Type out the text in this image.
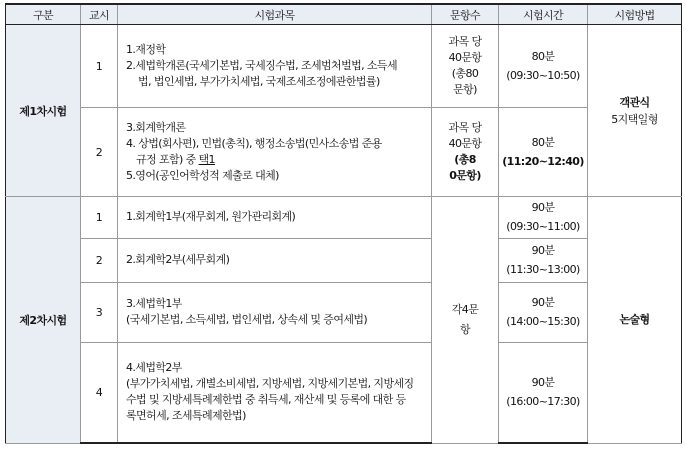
구분	교시	시험과목	문항수	시험시간	시험방법
제1차시험	1	1.재정학
2.세법학개론(국세기본법, 국세징수법, 조세범처벌법, 소득세
법, 법인세법, 부가가치세법, 국제조세조정에관한법률)	과목 당
40문항
(총80
문항)	80분
(09:30~10:50)	객관식
5지택일형

	2	3.회계학개론
4. 상법(회사편), 민법(총칙), 행정소송법(민사소송법 준용
규정 포함) 중 택1
5.영어(공인어학성적 제출로 대체)	과목 당
40문항
(총8
0문항)	80분
(11:20~12:40)	

제2차시험	1	1.회계학1부(재무회계, 원가관리회계)	각4문
항	90분
(09:30~11:00)	논술형
	2	2.회계학2부(세무회계)		90분
(11:30~13:00)	

	3	3.세법학1부
(국세기본법, 소득세법, 법인세법, 상속세 및 증여세법)		90분
(14:00~15:30)	

	4	4.세법학2부
(부가가치세법, 개별소비세법, 지방세법, 지방세기본법, 지방세징
수법 및 지방세특례제한법 중 취득세, 재산세 및 등록에 대한 등
록면허세, 조세특례제한법)		90분
(16:00~17:30)	
